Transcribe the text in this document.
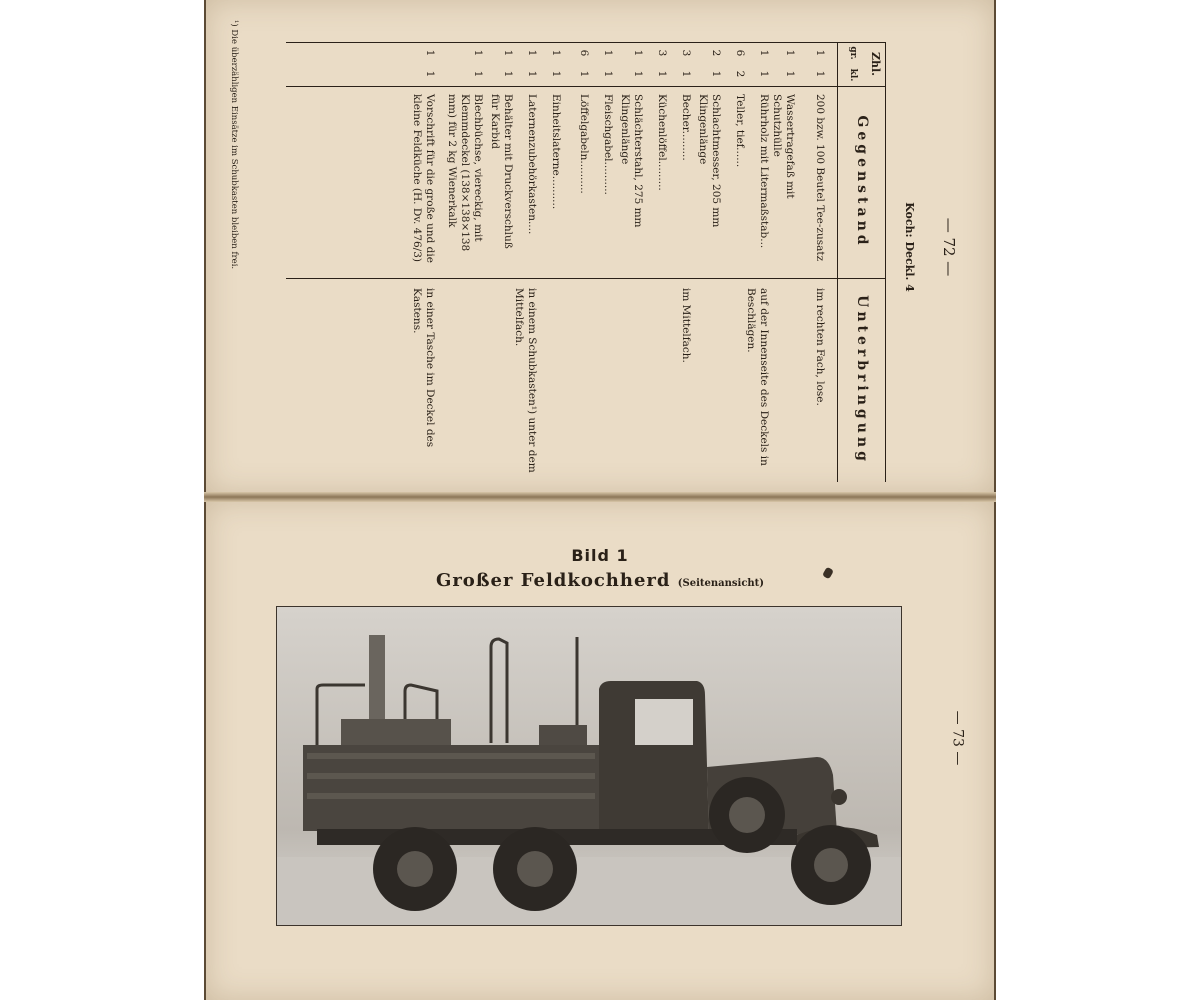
— 72 —
Koch: Deckl. 4
Zhl.
gr.
kl.
Gegenstand
Unterbringung
1
1
200 bzw. 100 Beutel Tee-zusatz
im rechten Fach, lose.
1
1
Wassertragefaß mit Schutzhülle
1
1
Rührholz mit Litermaßstab...
auf der Innenseite des Deckels in Beschlägen.
6
2
Teller, tief......
2
1
Schlachtmesser, 205 mm Klingenlänge
3
1
Becher.........
im Mittelfach.
3
1
Küchenlöffel.........
1
1
Schlächterstahl, 275 mm Klingenlänge
1
1
Fleischgabel..........
6
1
Löffelgabeln..........
1
1
Einheitslaterne..........
1
1
Laternenzubehörkasten....
in einem Schubkasten¹) unter dem Mittelfach.
1
1
Behälter mit Druckverschluß für Karbid
1
1
Blechbüchse, viereckig, mit Klemmdeckel (138×138×138 mm) für 2 kg Wienerkalk
1
1
Vorschrift für die große und die kleine Feldküche (H. Dv. 476/3)
in einer Tasche im Deckel des Kastens.
¹) Die überzähligen Einsätze im Schubkasten bleiben frei.
Bild 1
Großer Feldkochherd (Seitenansicht)
— 73 —
